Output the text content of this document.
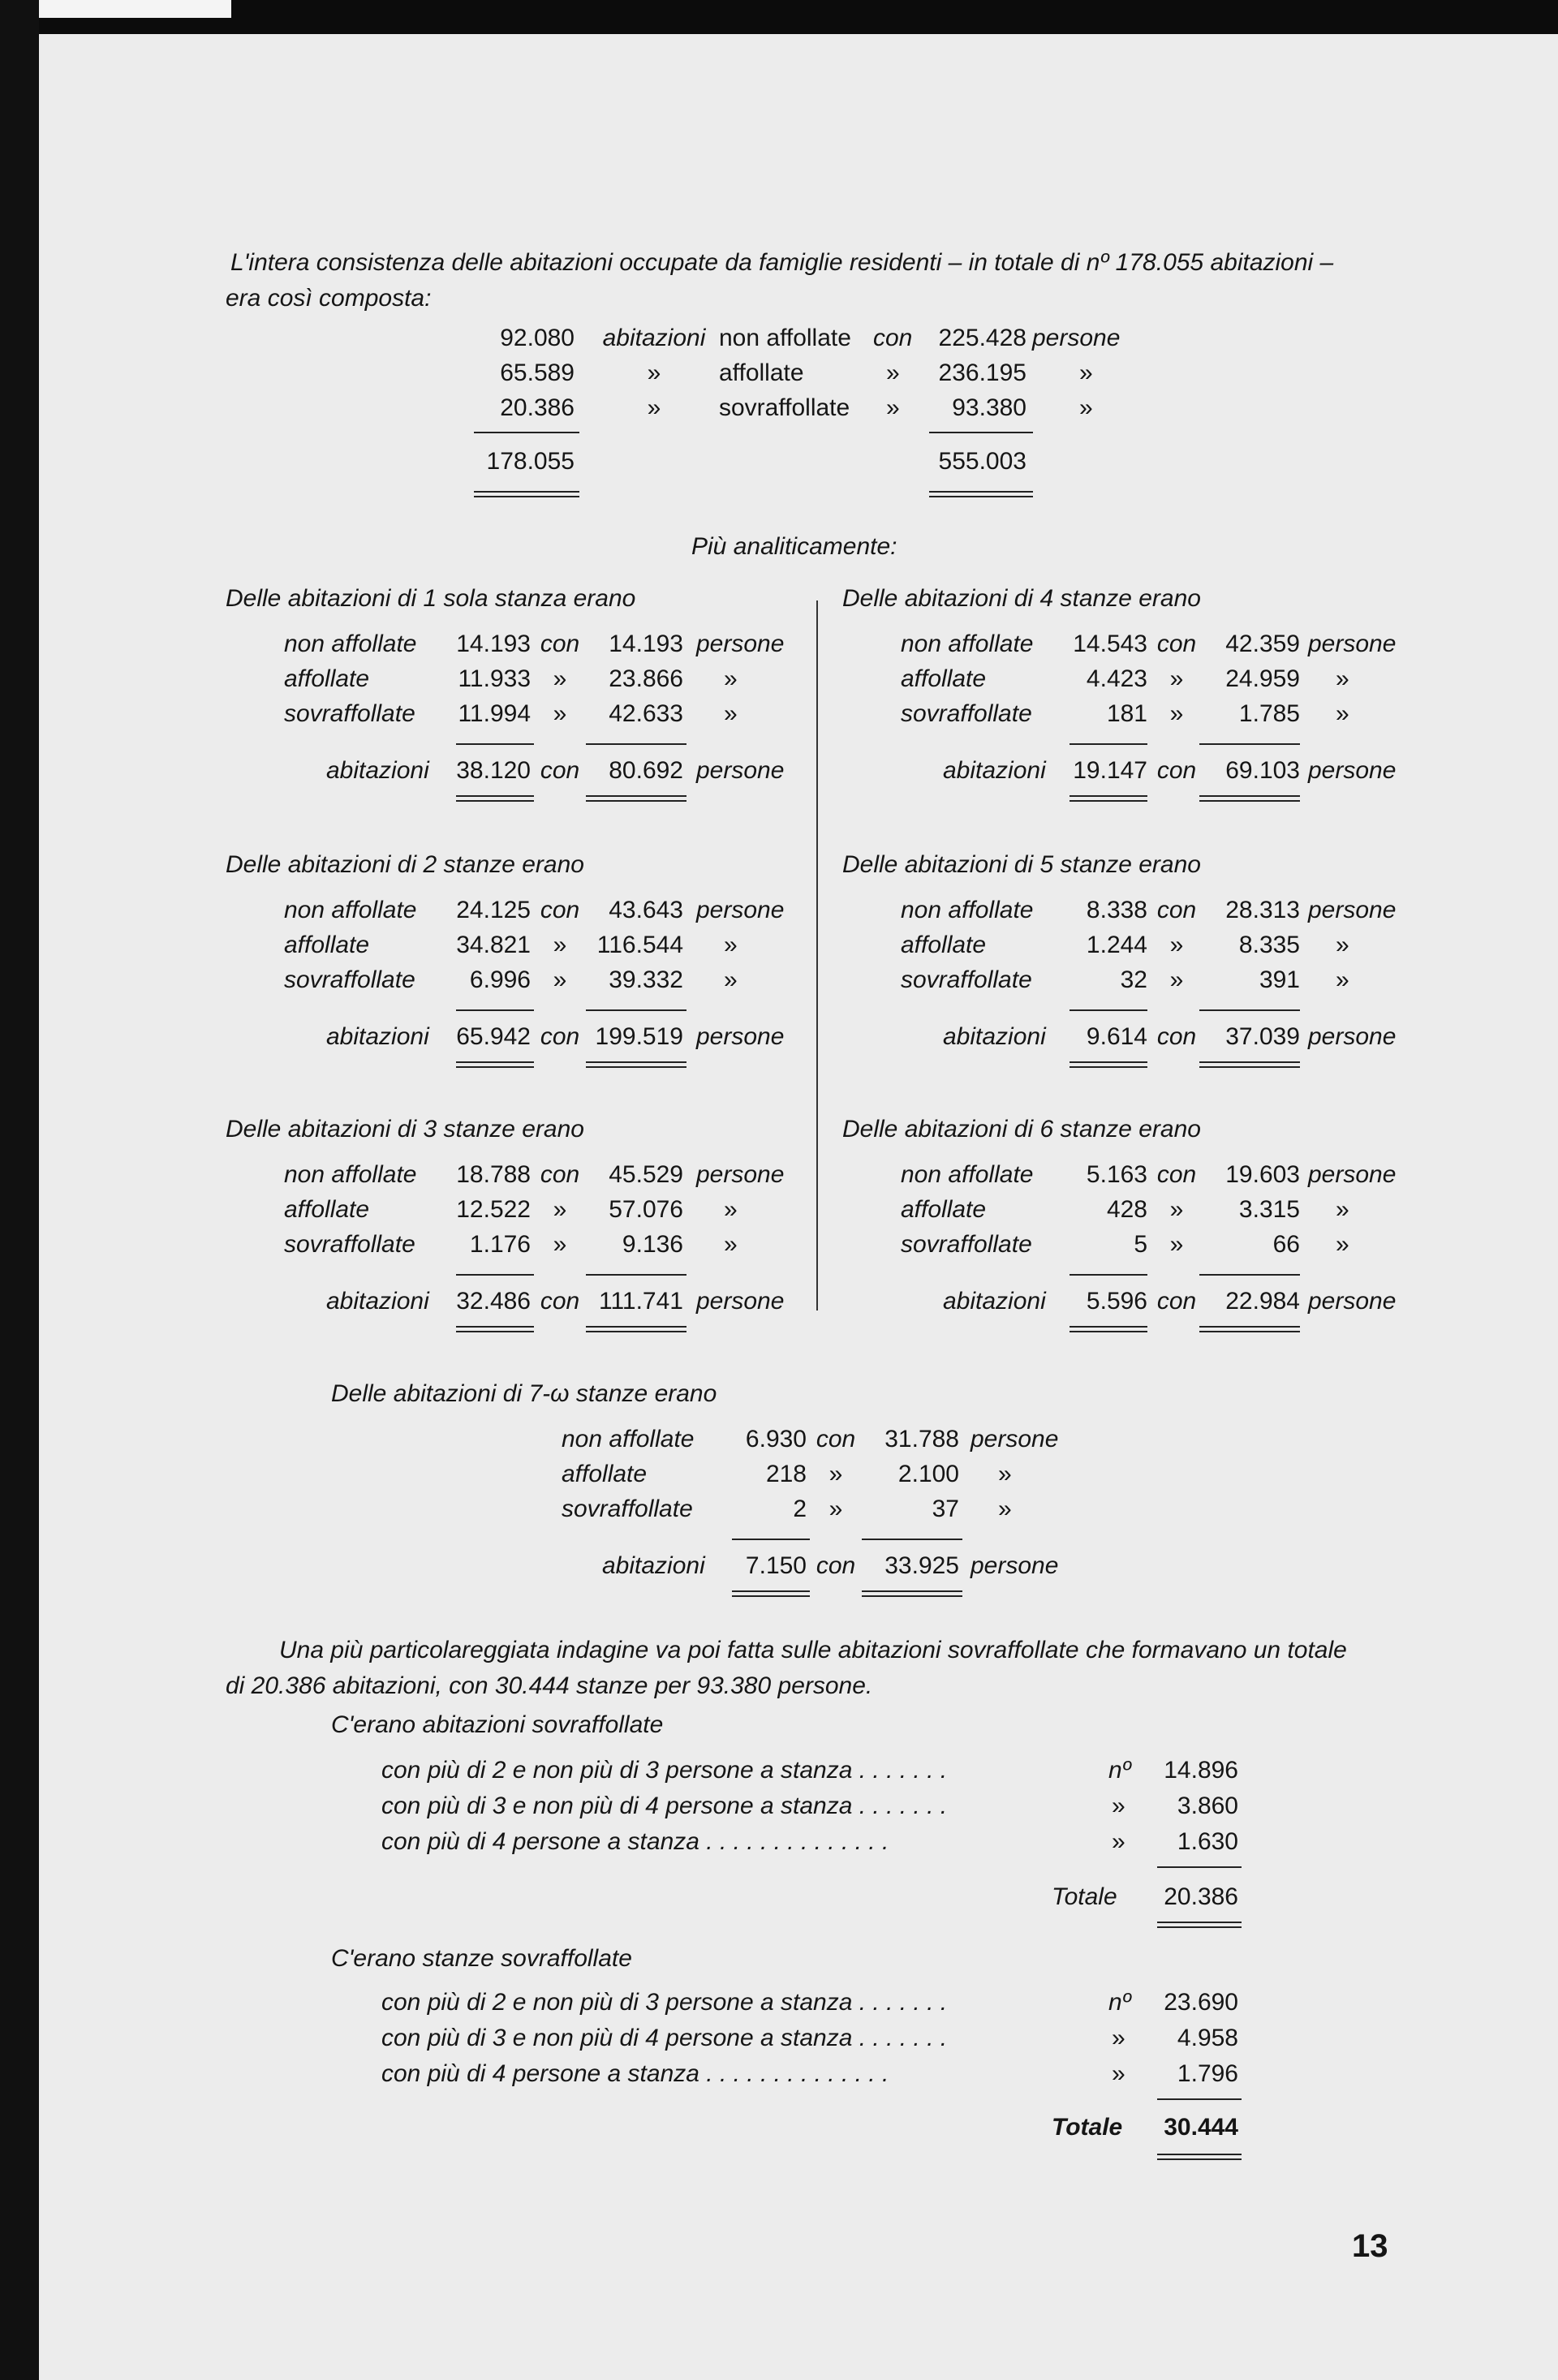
L'intera consistenza delle abitazioni occupate da famiglie residenti – in totale di nº 178.055 abitazioni –
era così composta:
92.080 abitazioni non affollate con	225.428 persone
65.589	»	affollate	»	236.195 »
20.386	»	sovraffollate »	93.380 »
178.055	555.003
Più analiticamente:
Delle abitazioni di 1 sola stanza erano
non affollate	14.193 con	14.193 persone
affollate	11.933 »	23.866 »
sovraffollate	11.994 »	42.633 »
abitazioni	38.120 con	80.692 persone
Delle abitazioni di 2 stanze erano
non affollate	24.125 con	43.643 persone
affollate	34.821 »	116.544 »
sovraffollate	6.996 »	39.332 »
abitazioni	65.942 con 199.519 persone
Delle abitazioni di 3 stanze erano
non affollate	18.788 con	45.529 persone
affollate	12.522 »	57.076 »
sovraffollate	1.176 »	9.136 »
abitazioni	32.486 con 111.741 persone
Delle abitazioni di 4 stanze erano
non affollate	14.543 con	42.359 persone
affollate	4.423 »	24.959 »
sovraffollate	181 »	1.785 »
abitazioni	19.147 con	69.103 persone
Delle abitazioni di 5 stanze erano
non affollate	8.338 con	28.313 persone
affollate	1.244 »	8.335 »
sovraffollate	32 »	391 »
abitazioni	9.614 con	37.039 persone
Delle abitazioni di 6 stanze erano
non affollate	5.163 con	19.603 persone
affollate	428 »	3.315 »
sovraffollate	5 »	66 »
abitazioni	5.596 con	22.984 persone
Delle abitazioni di 7-ω stanze erano
non affollate	6.930 con	31.788 persone
affollate	218 »	2.100 »
sovraffollate	2 »	37 »
abitazioni	7.150 con	33.925 persone
Una più particolareggiata indagine va poi fatta sulle abitazioni sovraffollate che formavano un totale
di 20.386 abitazioni, con 30.444 stanze per 93.380 persone.
C'erano abitazioni sovraffollate
con più di 2 e non più di 3 persone a stanza . . . . . . .	nº	14.896
con più di 3 e non più di 4 persone a stanza . . . . . . .	»	3.860
con più di 4 persone a stanza . . . . . . . . . . . . . .	»	1.630
Totale	20.386
C'erano stanze sovraffollate
con più di 2 e non più di 3 persone a stanza . . . . . . .	nº	23.690
con più di 3 e non più di 4 persone a stanza . . . . . . .	»	4.958
con più di 4 persone a stanza . . . . . . . . . . . . . .	»	1.796
Totale	30.444
13
